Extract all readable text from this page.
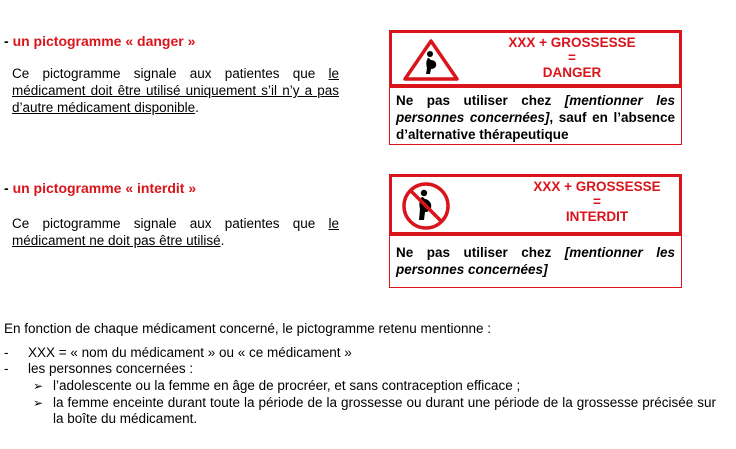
- un pictogramme « danger »
Ce pictogramme signale aux patientes que le médicament doit être utilisé uniquement s’il n’y a pas d’autre médicament disponible.
XXX + GROSSESSE
=
DANGER
Ne pas utiliser chez [mentionner les personnes concernées], sauf en l’absence d’alternative thérapeutique
- un pictogramme « interdit »
Ce pictogramme signale aux patientes que le médicament ne doit pas être utilisé.
XXX + GROSSESSE
=
INTERDIT
Ne pas utiliser chez [mentionner les personnes concernées]
En fonction de chaque médicament concerné, le pictogramme retenu mentionne :
- XXX = « nom du médicament » ou « ce médicament »
- les personnes concernées :
➢ l’adolescente ou la femme en âge de procréer, et sans contraception efficace ;
➢ la femme enceinte durant toute la période de la grossesse ou durant une période de la grossesse précisée sur la boîte du médicament.
